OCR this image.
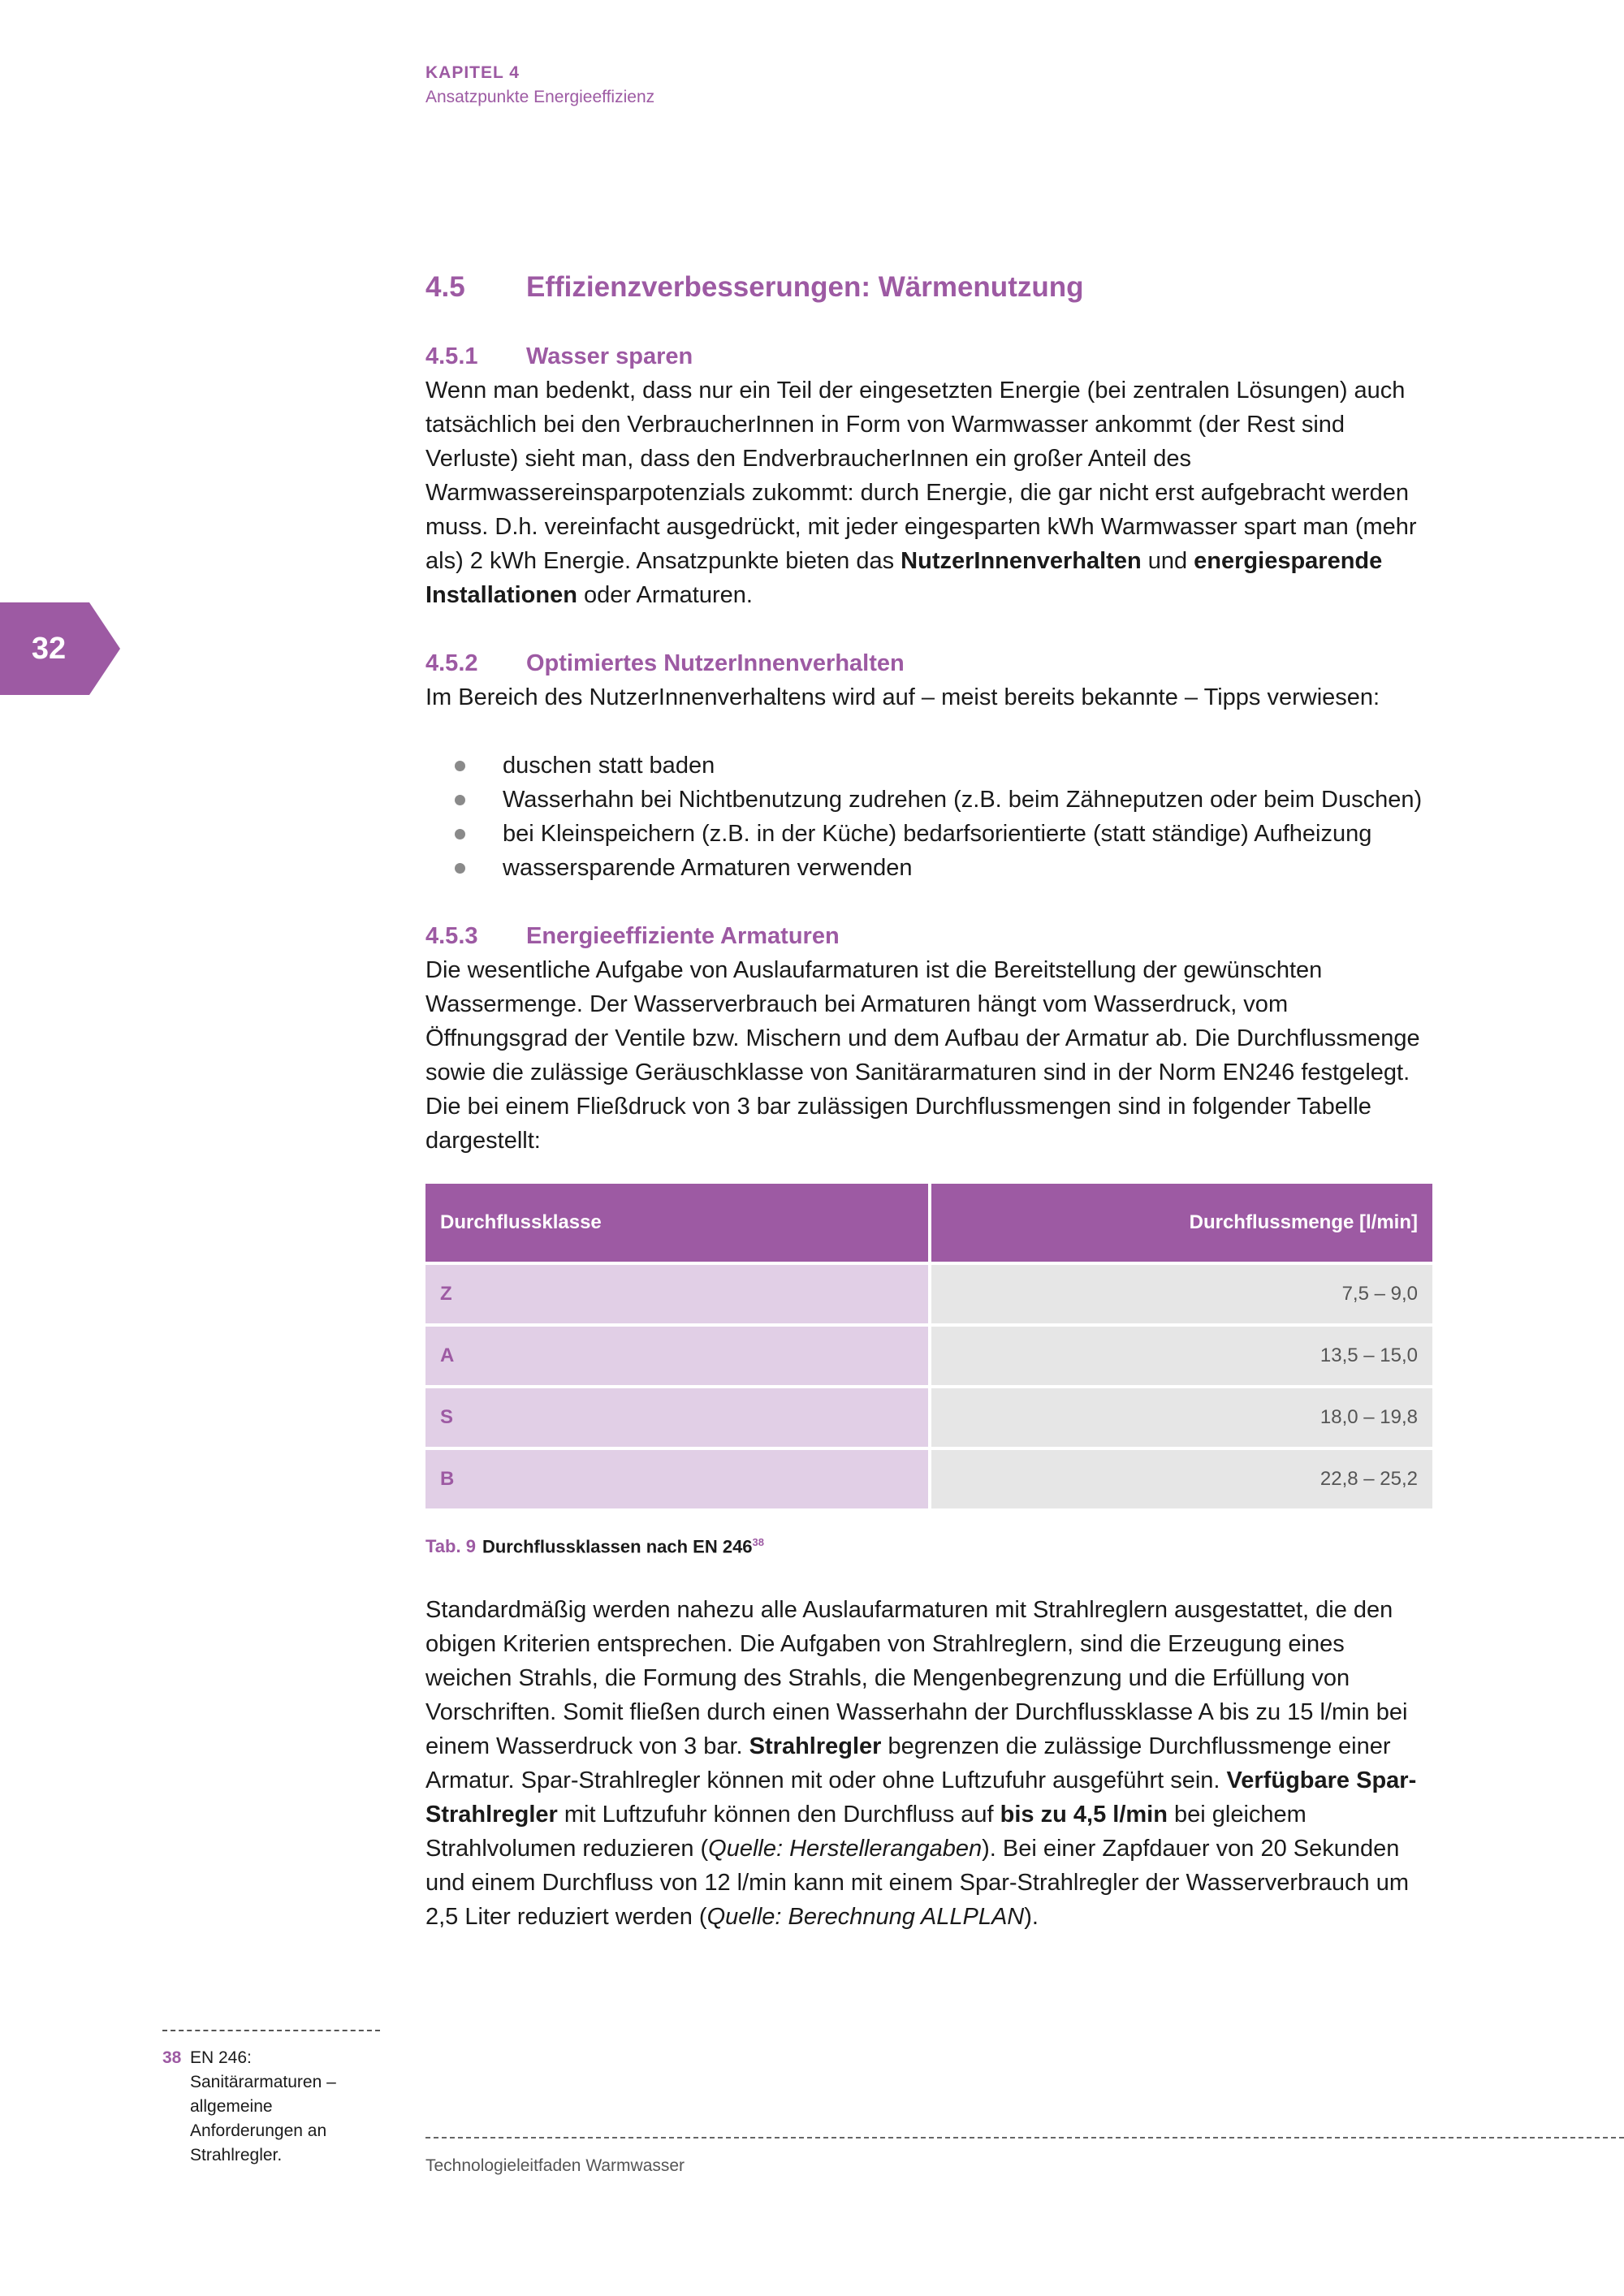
KAPITEL 4
Ansatzpunkte Energieeffizienz
32
4.5	Effizienzverbesserungen: Wärmenutzung
4.5.1	Wasser sparen

Wenn man bedenkt, dass nur ein Teil der eingesetzten Energie (bei zentralen Lösungen) auch tatsächlich bei den VerbraucherInnen in Form von Warmwasser ankommt (der Rest sind Verluste) sieht man, dass den EndverbraucherInnen ein großer Anteil des Warmwassereinsparpotenzials zukommt: durch Energie, die gar nicht erst aufgebracht werden muss. D.h. vereinfacht ausgedrückt, mit jeder eingesparten kWh Warmwasser spart man (mehr als) 2 kWh Energie. Ansatzpunkte bieten das NutzerInnenverhalten und energiesparende Installationen oder Armaturen.

4.5.2	Optimiertes NutzerInnenverhalten

Im Bereich des NutzerInnenverhaltens wird auf – meist bereits bekannte – Tipps verwiesen:

duschen statt baden
Wasserhahn bei Nichtbenutzung zudrehen (z.B. beim Zähneputzen oder beim Duschen)
bei Kleinspeichern (z.B. in der Küche) bedarfsorientierte (statt ständige) Aufheizung
wassersparende Armaturen verwenden
4.5.3	Energieeffiziente Armaturen

Die wesentliche Aufgabe von Auslaufarmaturen ist die Bereitstellung der gewünschten Wassermenge. Der Wasserverbrauch bei Armaturen hängt vom Wasserdruck, vom Öffnungsgrad der Ventile bzw. Mischern und dem Aufbau der Armatur ab. Die Durchflussmenge sowie die zulässige Geräuschklasse von Sanitärarmaturen sind in der Norm EN246 festgelegt. Die bei einem Fließdruck von 3 bar zulässigen Durchflussmengen sind in folgender Tabelle dargestellt:

Durchflussklasse	Durchflussmenge [l/min]
Z	7,5 – 9,0
A	13,5 – 15,0
S	18,0 – 19,8
B	22,8 – 25,2
Tab. 9 Durchflussklassen nach EN $246^{38}$

Standardmäßig werden nahezu alle Auslaufarmaturen mit Strahlreglern ausgestattet, die den obigen Kriterien entsprechen. Die Aufgaben von Strahlreglern, sind die Erzeugung eines weichen Strahls, die Formung des Strahls, die Mengenbegrenzung und die Erfüllung von Vorschriften. Somit fließen durch einen Wasserhahn der Durchflussklasse A bis zu 15 l/min bei einem Wasserdruck von 3 bar. Strahlregler begrenzen die zulässige Durchflussmenge einer Armatur. Spar-Strahlregler können mit oder ohne Luftzufuhr ausgeführt sein. Verfügbare Spar-Strahlregler mit Luftzufuhr können den Durchfluss auf bis zu 4,5 l/min bei gleichem Strahlvolumen reduzieren (Quelle: Herstellerangaben). Bei einer Zapfdauer von 20 Sekunden und einem Durchfluss von 12 l/min kann mit einem Spar-Strahlregler der Wasserverbrauch um 2,5 Liter reduziert werden (Quelle: Berechnung ALLPLAN).

38 EN 246: Sanitärarmaturen – allgemeine Anforderungen an Strahlregler.
Technologieleitfaden Warmwasser
